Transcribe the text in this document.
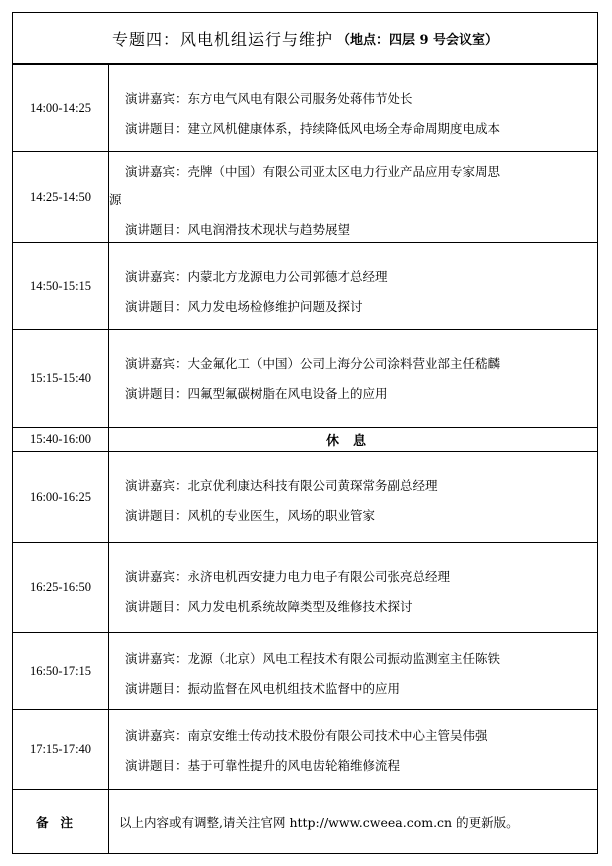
专题四：风电机组运行与维护 （地点：四层 9 号会议室）
14:00-14:25
演讲嘉宾：东方电气风电有限公司服务处蒋伟节处长
演讲题目：建立风机健康体系，持续降低风电场全寿命周期度电成本
14:25-14:50
演讲嘉宾：壳牌（中国）有限公司亚太区电力行业产品应用专家周思
源
演讲题目：风电润滑技术现状与趋势展望
14:50-15:15
演讲嘉宾：内蒙北方龙源电力公司郭德才总经理
演讲题目：风力发电场检修维护问题及探讨
15:15-15:40
演讲嘉宾：大金氟化工（中国）公司上海分公司涂料营业部主任嵇麟
演讲题目：四氟型氟碳树脂在风电设备上的应用
15:40-16:00	休息
16:00-16:25
演讲嘉宾：北京优利康达科技有限公司黄琛常务副总经理
演讲题目：风机的专业医生，风场的职业管家
16:25-16:50
演讲嘉宾：永济电机西安捷力电力电子有限公司张亮总经理
演讲题目：风力发电机系统故障类型及维修技术探讨
16:50-17:15
演讲嘉宾：龙源（北京）风电工程技术有限公司振动监测室主任陈铁
演讲题目：振动监督在风电机组技术监督中的应用
17:15-17:40
演讲嘉宾：南京安维士传动技术股份有限公司技术中心主管吴伟强
演讲题目：基于可靠性提升的风电齿轮箱维修流程
备注	以上内容或有调整,请关注官网 http://www.cweea.com.cn 的更新版。
